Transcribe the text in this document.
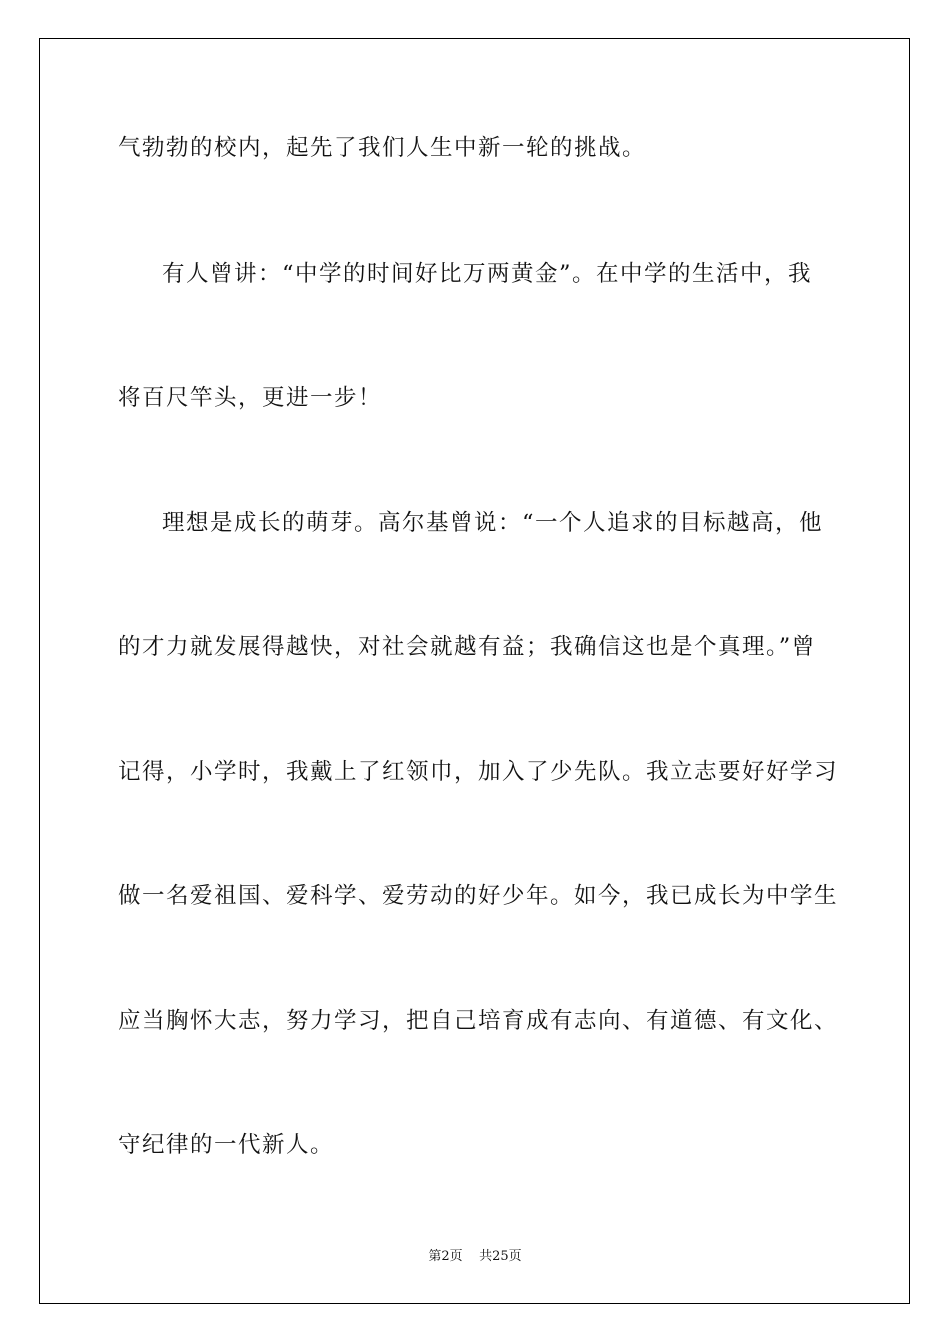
气勃勃的校内，起先了我们人生中新一轮的挑战。
有人曾讲：“中学的时间好比万两黄金”。在中学的生活中，我
将百尺竿头，更进一步！
理想是成长的萌芽。高尔基曾说：“一个人追求的目标越高，他
的才力就发展得越快，对社会就越有益；我确信这也是个真理。”曾
记得，小学时，我戴上了红领巾，加入了少先队。我立志要好好学习
做一名爱祖国、爱科学、爱劳动的好少年。如今，我已成长为中学生
应当胸怀大志，努力学习，把自己培育成有志向、有道德、有文化、
守纪律的一代新人。
第2页 共25页
